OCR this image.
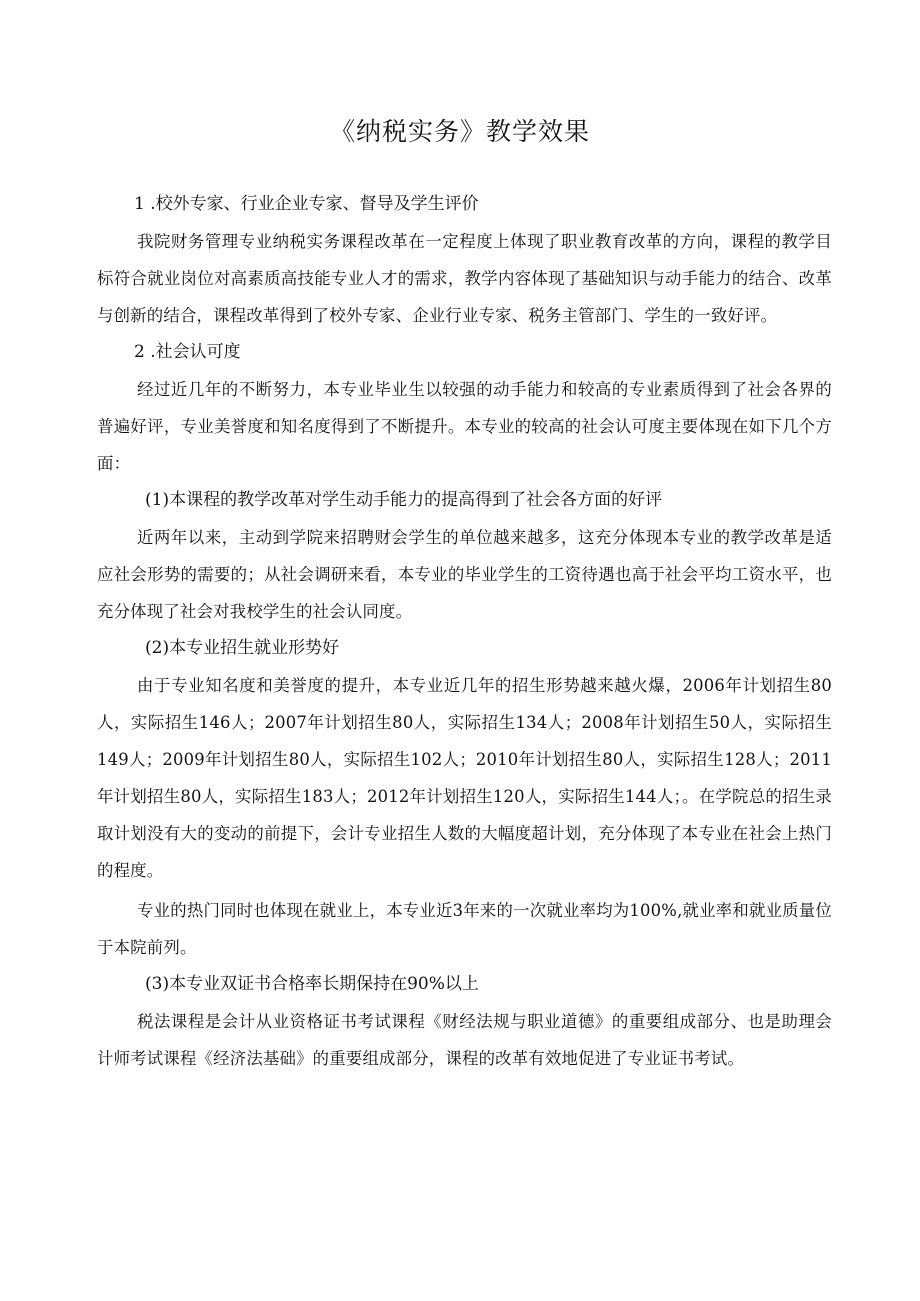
《纳税实务》教学效果

1 .校外专家、行业企业专家、督导及学生评价

我院财务管理专业纳税实务课程改革在一定程度上体现了职业教育改革的方向，课程的教学目标符合就业岗位对高素质高技能专业人才的需求，教学内容体现了基础知识与动手能力的结合、改革与创新的结合，课程改革得到了校外专家、企业行业专家、税务主管部门、学生的一致好评。

2 .社会认可度

经过近几年的不断努力，本专业毕业生以较强的动手能力和较高的专业素质得到了社会各界的普遍好评，专业美誉度和知名度得到了不断提升。本专业的较高的社会认可度主要体现在如下几个方面：

(1)本课程的教学改革对学生动手能力的提高得到了社会各方面的好评

近两年以来，主动到学院来招聘财会学生的单位越来越多，这充分体现本专业的教学改革是适应社会形势的需要的；从社会调研来看，本专业的毕业学生的工资待遇也高于社会平均工资水平，也充分体现了社会对我校学生的社会认同度。

(2)本专业招生就业形势好

由于专业知名度和美誉度的提升，本专业近几年的招生形势越来越火爆，2006年计划招生80人，实际招生146人；2007年计划招生80人，实际招生134人；2008年计划招生50人，实际招生149人；2009年计划招生80人，实际招生102人；2010年计划招生80人，实际招生128人；2011年计划招生80人，实际招生183人；2012年计划招生120人，实际招生144人；。在学院总的招生录取计划没有大的变动的前提下，会计专业招生人数的大幅度超计划，充分体现了本专业在社会上热门的程度。

专业的热门同时也体现在就业上，本专业近3年来的一次就业率均为100%,就业率和就业质量位于本院前列。

(3)本专业双证书合格率长期保持在90%以上

税法课程是会计从业资格证书考试课程《财经法规与职业道德》的重要组成部分、也是助理会计师考试课程《经济法基础》的重要组成部分，课程的改革有效地促进了专业证书考试。
